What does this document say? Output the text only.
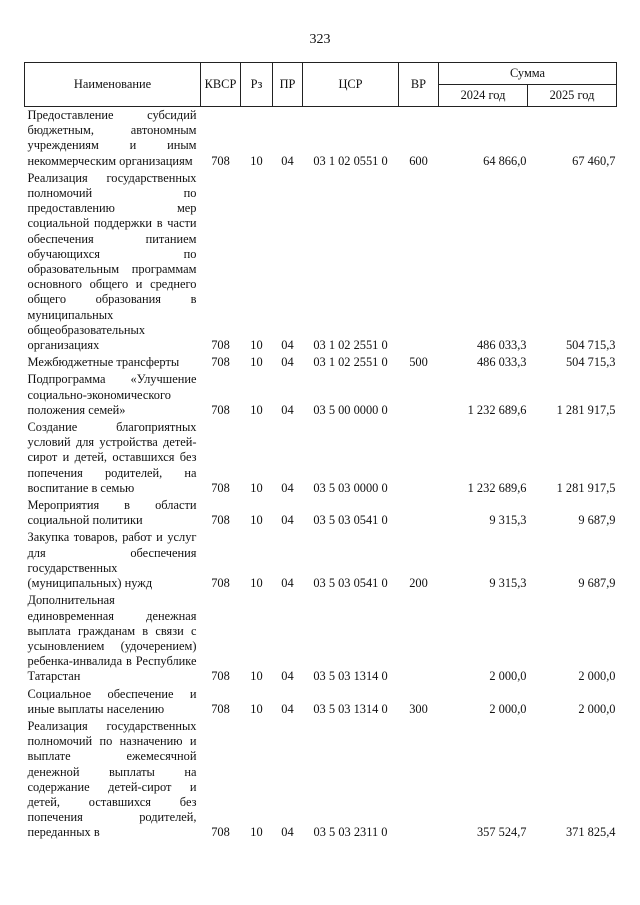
323
Наименование	КВСР	Рз	ПР	ЦСР	ВР	Сумма	
						2024 год	2025 год
Предоставление субсидий бюджетным, автономным учреждениям и иным некоммерческим организациям	708	10	04	03 1 02 0551 0	600	64 866,0	67 460,7
Реализация государственных полномочий по предоставлению мер социальной поддержки в части обеспечения питанием обучающихся по образовательным программам основного общего и среднего общего образования в муниципальных общеобразовательных организациях	708	10	04	03 1 02 2551 0		486 033,3	504 715,3
Межбюджетные трансферты	708	10	04	03 1 02 2551 0	500	486 033,3	504 715,3
Подпрограмма «Улучшение социально-экономического положения семей»	708	10	04	03 5 00 0000 0		1 232 689,6	1 281 917,5
Создание благоприятных условий для устройства детей-сирот и детей, оставшихся без попечения родителей, на воспитание в семью	708	10	04	03 5 03 0000 0		1 232 689,6	1 281 917,5
Мероприятия в области социальной политики	708	10	04	03 5 03 0541 0		9 315,3	9 687,9
Закупка товаров, работ и услуг для обеспечения государственных (муниципальных) нужд	708	10	04	03 5 03 0541 0	200	9 315,3	9 687,9
Дополнительная единовременная денежная выплата гражданам в связи с усыновлением (удочерением) ребенка-инвалида в Республике Татарстан	708	10	04	03 5 03 1314 0		2 000,0	2 000,0
Социальное обеспечение и иные выплаты населению	708	10	04	03 5 03 1314 0	300	2 000,0	2 000,0
Реализация государственных полномочий по назначению и выплате ежемесячной денежной выплаты на содержание детей-сирот и детей, оставшихся без попечения родителей, переданных в	708	10	04	03 5 03 2311 0		357 524,7	371 825,4
